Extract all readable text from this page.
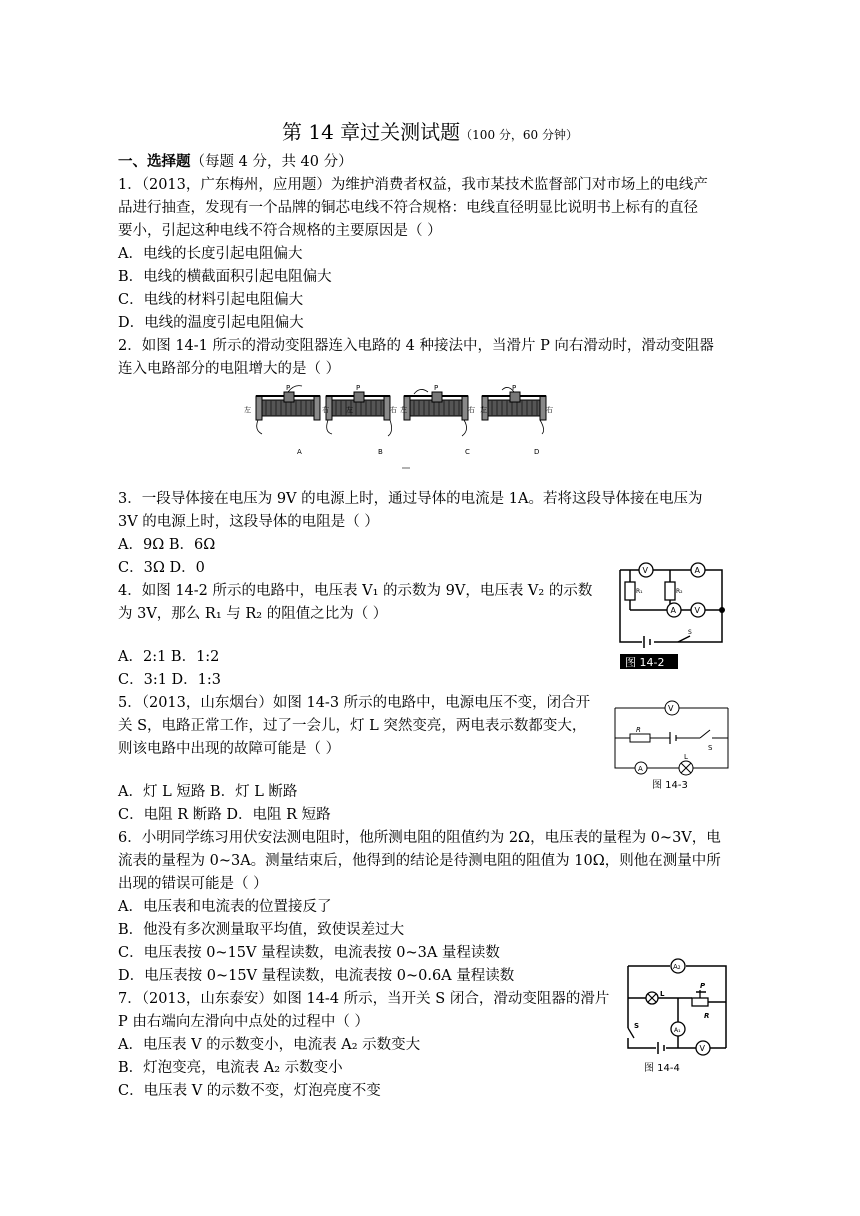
第 14 章过关测试题（100 分，60 分钟）
一、选择题（每题 4 分，共 40 分）
1．（2013，广东梅州，应用题）为维护消费者权益，我市某技术监督部门对市场上的电线产
品进行抽查，发现有一个品牌的铜芯电线不符合规格：电线直径明显比说明书上标有的直径
要小，引起这种电线不符合规格的主要原因是（ ）
A．电线的长度引起电阻偏大
B．电线的横截面积引起电阻偏大
C．电线的材料引起电阻偏大
D．电线的温度引起电阻偏大
2．如图 14-1 所示的滑动变阻器连入电路的 4 种接法中，当滑片 P 向右滑动时，滑动变阻器
连入电路部分的电阻增大的是（ ）
P	P	P	P
左	右 左	右 左	右 左	右
A	B	C	D
3．一段导体接在电压为 9V 的电源上时，通过导体的电流是 1A。若将这段导体接在电压为
3V 的电源上时，这段导体的电阻是（ ）
A．9Ω B．6Ω
C．3Ω D．0
4．如图 14-2 所示的电路中，电压表 V₁ 的示数为 9V，电压表 V₂ 的示数
为 3V，那么 R₁ 与 R₂ 的阻值之比为（ ）
A．2:1 B．1:2
C．3:1 D．1:3
V	A
V
A
R₁	R₂
S
图 14-2
5．（2013，山东烟台）如图 14-3 所示的电路中，电源电压不变，闭合开
关 S，电路正常工作，过了一会儿，灯 L 突然变亮，两电表示数都变大，
则该电路中出现的故障可能是（ ）
A．灯 L 短路 B．灯 L 断路
C．电阻 R 断路 D．电阻 R 短路
V
R
S
A
L
图 14-3
6．小明同学练习用伏安法测电阻时，他所测电阻的阻值约为 2Ω，电压表的量程为 0~3V，电
流表的量程为 0~3A。测量结束后，他得到的结论是待测电阻的阻值为 10Ω，则他在测量中所
出现的错误可能是（ ）
A．电压表和电流表的位置接反了
B．他没有多次测量取平均值，致使误差过大
C．电压表按 0~15V 量程读数，电流表按 0~3A 量程读数
D．电压表按 0~15V 量程读数，电流表按 0~0.6A 量程读数
7．（2013，山东泰安）如图 14-4 所示，当开关 S 闭合，滑动变阻器的滑片
P 由右端向左滑向中点处的过程中（ ）
A．电压表 V 的示数变小，电流表 A₂ 示数变大
B．灯泡变亮，电流表 A₂ 示数变小
C．电压表 V 的示数不变，灯泡亮度不变
A₂
L
P
R
A₁
S
V
图 14-4
